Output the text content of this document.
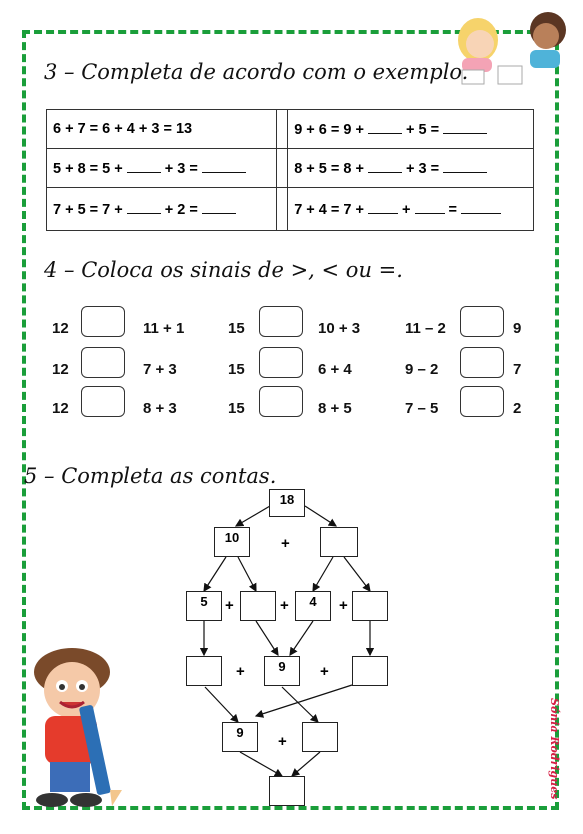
3 – Completa de acordo com o exemplo.
6 + 7 = 6 + 4 + 3 = 13		9 + 6 = 9 +  + 5 =
5 + 8 = 5 +  + 3 =		8 + 5 = 8 +  + 3 =
7 + 5 = 7 +  + 2 =		7 + 4 = 7 +  +  =
4 – Coloca os sinais de >, < ou =.
12	11 + 1	15	10 + 3	11 – 2	9
12	7 + 3	15	6 + 4	9 – 2	7
12	8 + 3	15	8 + 5	7 – 5	2
5 – Completa as contas.
18
10	+
5	+	+	4	+
+	9	+
9
+	Sónia Rodrigues
